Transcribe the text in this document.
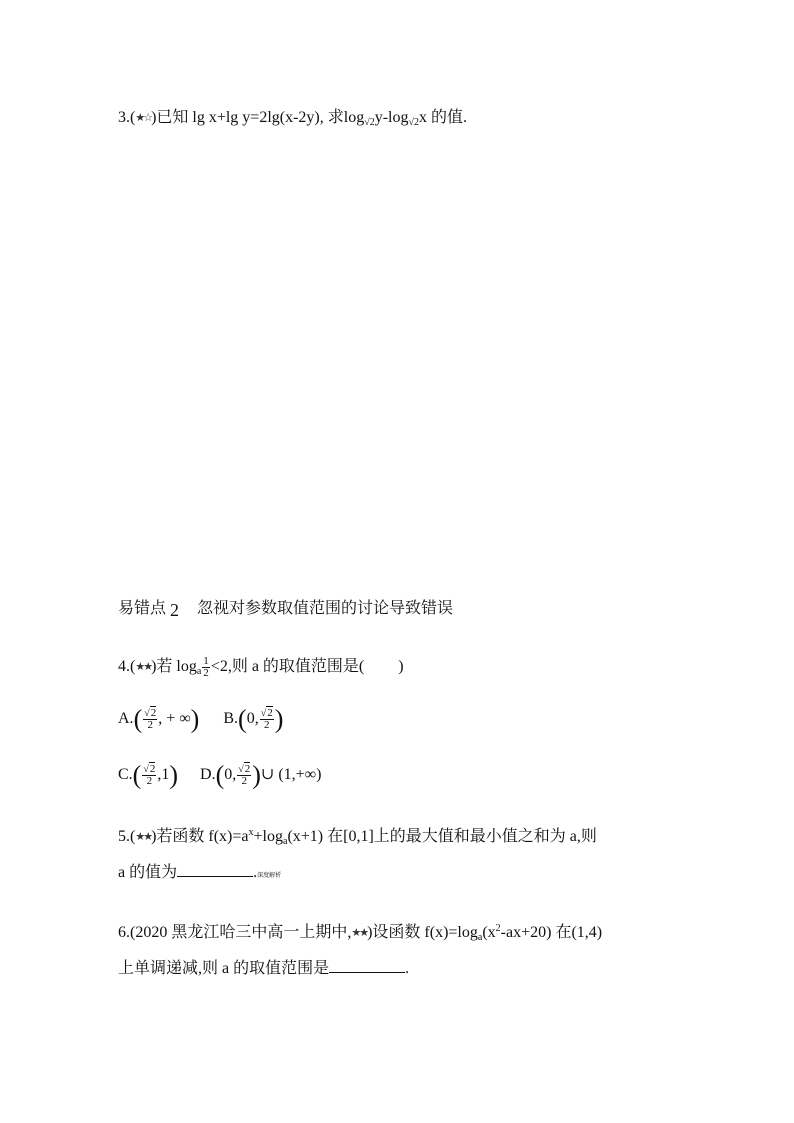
3.(★☆)已知 lg x+lg y=2lg(x-2y), 求$\log_{√2}y-\log_{√2}x$ 的值.
易错点 2 忽视对参数取值范围的讨论导致错误
4.(★★)若 $\log_a \frac{1}{2} <2$,则 a 的取值范围是( )
$A.( \frac{√2}{2}$ , + ∞) B.(0, $\frac{√2}{2}$ )
$C.( \frac{√2}{2} ,1)$ D.(0, $\frac{√2}{2}$ )∪ (1,+∞)
5.(★★)若函数 $f(x)=a^x+\log_a(x+1)$ 在[0,1]上的最大值和最小值之和为 a,则
a 的值为	.深度解析
6.(2020 黑龙江哈三中高一上期中,★★)设函数 $f(x)=\log_a(x^2-ax+20)$ 在(1,4)
上单调递减,则 a 的取值范围是	.
